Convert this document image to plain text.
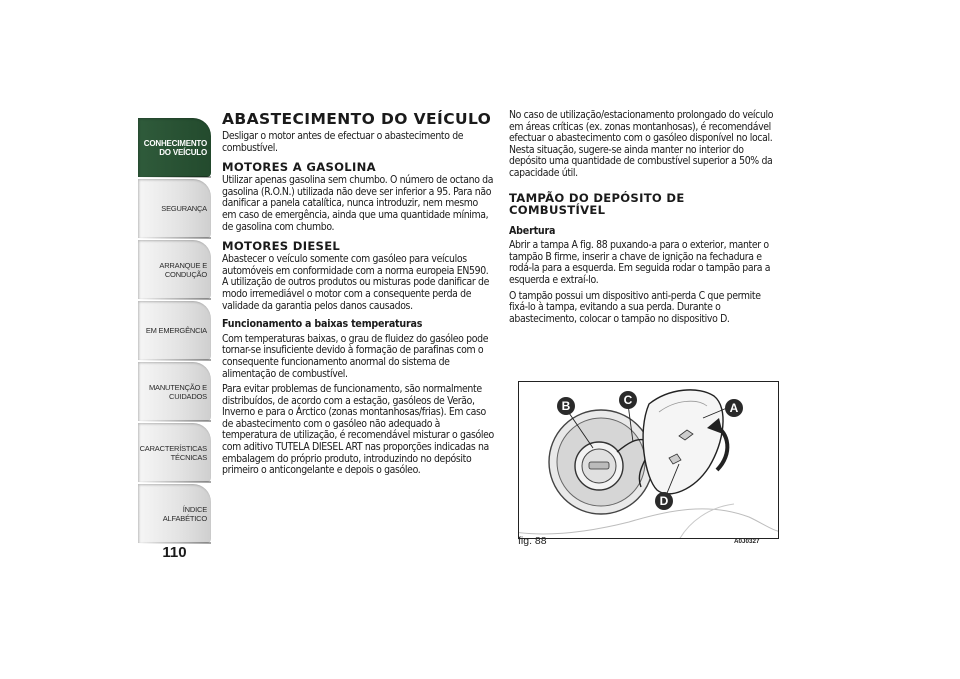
CONHECIMENTO
DO VEÍCULO
SEGURANÇA
ARRANQUE E
CONDUÇÃO
EM EMERGÊNCIA
MANUTENÇÃO E
CUIDADOS
CARACTERÍSTICAS
TÉCNICAS
ÍNDICE ALFABÉTICO
110
ABASTECIMENTO DO VEÍCULO
Desligar o motor antes de efectuar o abastecimento de combustível.
MOTORES A GASOLINA
Utilizar apenas gasolina sem chumbo. O número de octano da gasolina (R.O.N.) utilizada não deve ser inferior a 95. Para não danificar a panela catalítica, nunca introduzir, nem mesmo em caso de emergência, ainda que uma quantidade mínima, de gasolina com chumbo.
MOTORES DIESEL
Abastecer o veículo somente com gasóleo para veículos automóveis em conformidade com a norma europeia EN590. A utilização de outros produtos ou misturas pode danificar de modo irremediável o motor com a consequente perda de validade da garantia pelos danos causados.
Funcionamento a baixas temperaturas
Com temperaturas baixas, o grau de fluidez do gasóleo pode tornar-se insuficiente devido à formação de parafinas com o consequente funcionamento anormal do sistema de alimentação de combustível.
Para evitar problemas de funcionamento, são normalmente distribuídos, de acordo com a estação, gasóleos de Verão, Inverno e para o Árctico (zonas montanhosas/frias). Em caso de abastecimento com o gasóleo não adequado à temperatura de utilização, é recomendável misturar o gasóleo com aditivo TUTELA DIESEL ART nas proporções indicadas na embalagem do próprio produto, introduzindo no depósito primeiro o anticongelante e depois o gasóleo.
No caso de utilização/estacionamento prolongado do veículo em áreas críticas (ex. zonas montanhosas), é recomendável efectuar o abastecimento com o gasóleo disponível no local. Nesta situação, sugere-se ainda manter no interior do depósito uma quantidade de combustível superior a 50% da capacidade útil.
TAMPÃO DO DEPÓSITO DE COMBUSTÍVEL
Abertura
Abrir a tampa A fig. 88 puxando-a para o exterior, manter o tampão B firme, inserir a chave de ignição na fechadura e rodá-la para a esquerda. Em seguida rodar o tampão para a esquerda e extraí-lo.
O tampão possui um dispositivo anti-perda C que permite fixá-lo à tampa, evitando a sua perda. Durante o abastecimento, colocar o tampão no dispositivo D.
B	C
A
D
fig. 88	A0J0327
